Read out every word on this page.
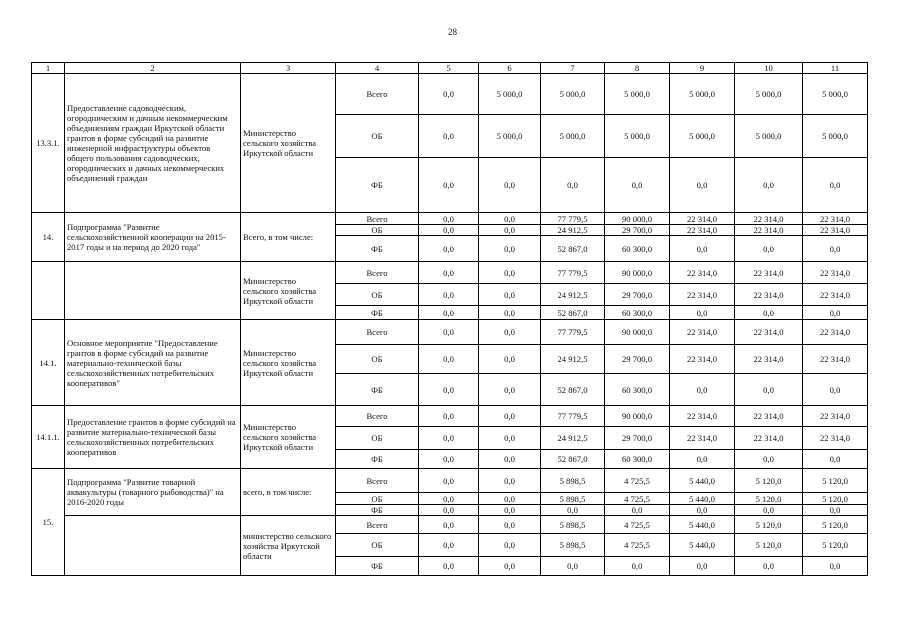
28
1	2	3	4	5	6	7	8	9	10	11
13.3.1.	Предоставление садоводческим, огородническим и дачным некоммерческим объединениям граждан Иркутской области грантов в форме субсидий на развитие инженерной инфраструктуры объектов общего пользования садоводческих, огороднических и дачных некоммерческих объединений граждан	Министерство сельского хозяйства Иркутской области	Всего	0,0	5 000,0	5 000,0	5 000,0	5 000,0	5 000,0	5 000,0
			ОБ	0,0	5 000,0	5 000,0	5 000,0	5 000,0	5 000,0	5 000,0
			ФБ	0,0	0,0	0,0	0,0	0,0	0,0	0,0
14.	Подпрограмма "Развитие сельскохозяйственной кооперации на 2015-2017 годы и на период до 2020 года"	Всего, в том числе:	Всего	0,0	0,0	77 779,5	90 000,0	22 314,0	22 314,0	22 314,0
			ОБ	0,0	0,0	24 912,5	29 700,0	22 314,0	22 314,0	22 314,0
			ФБ	0,0	0,0	52 867,0	60 300,0	0,0	0,0	0,0
		Министерство сельского хозяйства Иркутской области	Всего	0,0	0,0	77 779,5	90 000,0	22 314,0	22 314,0	22 314,0
			ОБ	0,0	0,0	24 912,5	29 700,0	22 314,0	22 314,0	22 314,0
			ФБ	0,0	0,0	52 867,0	60 300,0	0,0	0,0	0,0
14.1.	Основное мероприятие "Предоставление грантов в форме субсидий на развитие материально-технической базы сельскохозяйственных потребительских кооперативов"	Министерство сельского хозяйства Иркутской области	Всего	0,0	0,0	77 779,5	90 000,0	22 314,0	22 314,0	22 314,0
			ОБ	0,0	0,0	24 912,5	29 700,0	22 314,0	22 314,0	22 314,0
			ФБ	0,0	0,0	52 867,0	60 300,0	0,0	0,0	0,0
14.1.1.	Предоставление грантов в форме субсидий на развитие материально-технической базы сельскохозяйственных потребительских кооперативов	Министерство сельского хозяйства Иркутской области	Всего	0,0	0,0	77 779,5	90 000,0	22 314,0	22 314,0	22 314,0
			ОБ	0,0	0,0	24 912,5	29 700,0	22 314,0	22 314,0	22 314,0
			ФБ	0,0	0,0	52 867,0	60 300,0	0,0	0,0	0,0
15.	Подпрограмма "Развитие товарной аквакультуры (товарного рыбоводства)" на 2016-2020 годы	всего, в том числе:	Всего	0,0	0,0	5 898,5	4 725,5	5 440,0	5 120,0	5 120,0
			ОБ	0,0	0,0	5 898,5	4 725,5	5 440,0	5 120,0	5 120,0
			ФБ	0,0	0,0	0,0	0,0	0,0	0,0	0,0
		министерство сельского хозяйства Иркутской области	Всего	0,0	0,0	5 898,5	4 725,5	5 440,0	5 120,0	5 120,0
			ОБ	0,0	0,0	5 898,5	4 725,5	5 440,0	5 120,0	5 120,0
			ФБ	0,0	0,0	0,0	0,0	0,0	0,0	0,0
